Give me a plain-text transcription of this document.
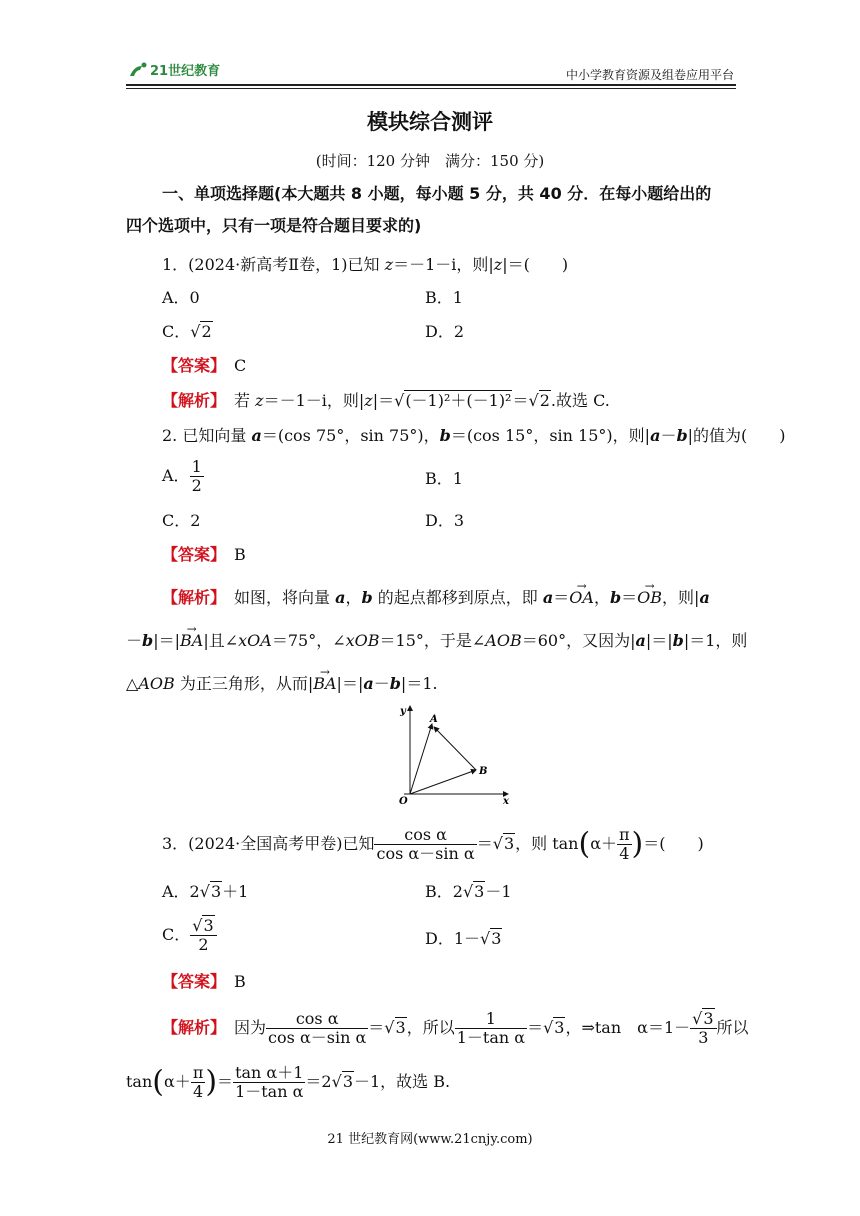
21世纪教育	中小学教育资源及组卷应用平台
模块综合测评
(时间：120 分钟　满分：150 分)
一、单项选择题(本大题共 8 小题，每小题 5 分，共 40 分．在每小题给出的
四个选项中，只有一项是符合题目要求的)
1．(2024·新高考Ⅱ卷，1)已知 z＝－1－i，则|z|＝(　　)
A．0	B．1
C．√2	D．2
【答案】　 C
【解析】　 若 z＝－1－i，则|z|＝√(－1)²＋(－1)²＝√2.故选 C.
2. 已知向量 a＝(cos 75°，sin 75°)，b＝(cos 15°，sin 15°)，则|a－b|的值为(　　)
A． $\frac{1}{2}$	B．1
C．2	D．3
【答案】　 B
【解析】　 如图，将向量 a，b 的起点都移到原点，即 a＝→ OA，b＝→ OB，则|a
－b|＝|→ BA|且∠xOA＝75°，∠xOB＝15°，于是∠AOB＝60°，又因为|a|＝|b|＝1，则
△AOB 为正三角形，从而|→ BA|＝|a－b|＝1.
y
x
O
A
B
3．(2024·全国高考甲卷)已知 $\frac{\text{cos α}}{\text{cos α－sin α}} =√3$，则 $\tan(\alpha+ \frac{\pi}{4}$ )＝(　　)
A．2√3＋1	B．2√3－1
C． $\frac{√3}{2}$	D．1－√3
【答案】　 B
【解析】　 因为 $\frac{\text{cos α}}{\text{cos α－sin α}} =√3$，所以 $\frac{1}{\text{1－tan α}} =√3$，⇒tan　$\alpha=1- \frac{√3}{3}$ 所以
$\tan(\alpha+ \frac{\pi}{4}$ )＝ $\frac{\text{tan α＋1}}{\text{1－tan α}} =2√3-1$，故选 B.
21 世纪教育网(www.21cnjy.com)
